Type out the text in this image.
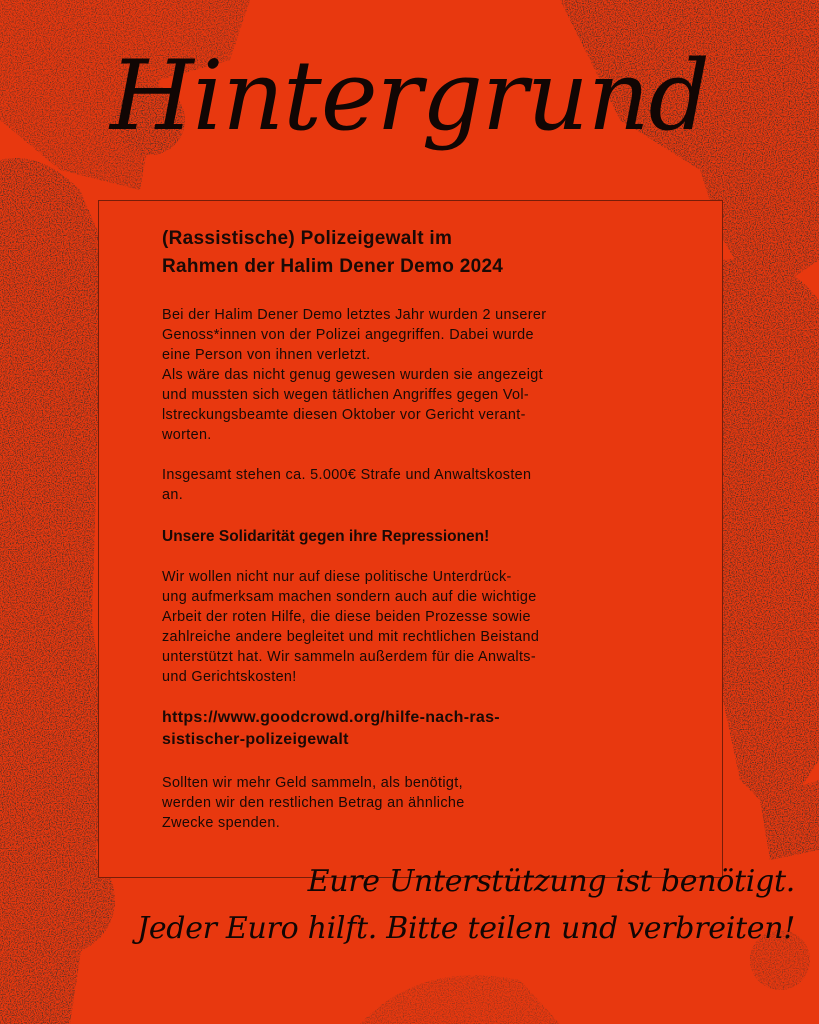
Hintergrund
(Rassistische) Polizeigewalt im
Rahmen der Halim Dener Demo 2024

Bei der Halim Dener Demo letztes Jahr wurden 2 unserer
Genoss*innen von der Polizei angegriffen. Dabei wurde
eine Person von ihnen verletzt.
Als wäre das nicht genug gewesen wurden sie angezeigt
und mussten sich wegen tätlichen Angriffes gegen Vol-
lstreckungsbeamte diesen Oktober vor Gericht verant-
worten.

Insgesamt stehen ca. 5.000€ Strafe und Anwaltskosten
an.

Unsere Solidarität gegen ihre Repressionen!

Wir wollen nicht nur auf diese politische Unterdrück-
ung aufmerksam machen sondern auch auf die wichtige
Arbeit der roten Hilfe, die diese beiden Prozesse sowie
zahlreiche andere begleitet und mit rechtlichen Beistand
unterstützt hat. Wir sammeln außerdem für die Anwalts-
und Gerichtskosten!

https://www.goodcrowd.org/hilfe-nach-ras-
sistischer-polizeigewalt

Sollten wir mehr Geld sammeln, als benötigt,
werden wir den restlichen Betrag an ähnliche
Zwecke spenden.

Eure Unterstützung ist benötigt.
Jeder Euro hilft. Bitte teilen und verbreiten!
